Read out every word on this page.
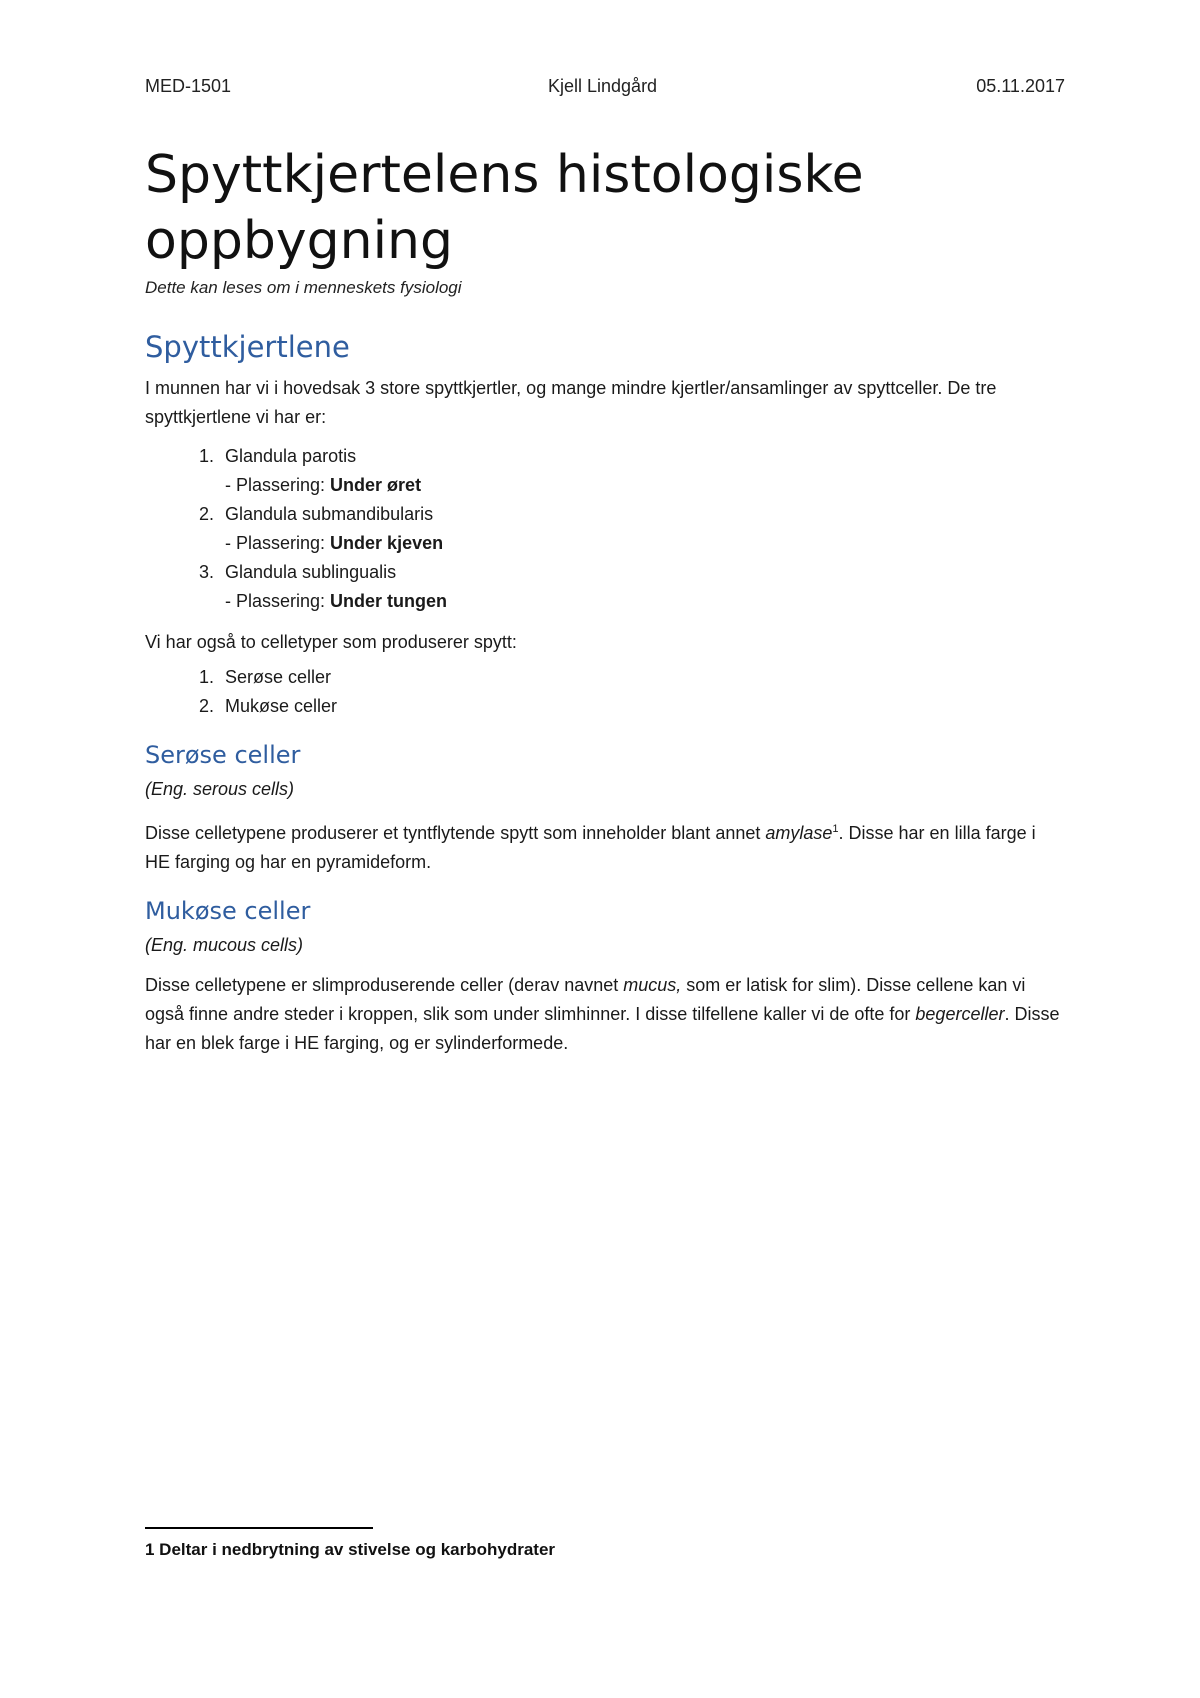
MED-1501	Kjell Lindgård	05.11.2017
Spyttkjertelens histologiske
oppbygning
Dette kan leses om i menneskets fysiologi
Spyttkjertlene

I munnen har vi i hovedsak 3 store spyttkjertler, og mange mindre kjertler/ansamlinger av spyttceller. De tre spyttkjertlene vi har er:

1. Glandula parotis
- Plassering: Under øret
2. Glandula submandibularis
- Plassering: Under kjeven
3. Glandula sublingualis
- Plassering: Under tungen

Vi har også to celletyper som produserer spytt:

1. Serøse celler
2. Mukøse celler
Serøse celler
(Eng. serous cells)

Disse celletypene produserer et tyntflytende spytt som inneholder blant annet amylase$^1$. Disse har en lilla farge i HE farging og har en pyramideform.

Mukøse celler
(Eng. mucous cells)

Disse celletypene er slimproduserende celler (derav navnet mucus, som er latisk for slim). Disse cellene kan vi også finne andre steder i kroppen, slik som under slimhinner. I disse tilfellene kaller vi de ofte for begerceller. Disse har en blek farge i HE farging, og er sylinderformede.

1 Deltar i nedbrytning av stivelse og karbohydrater
